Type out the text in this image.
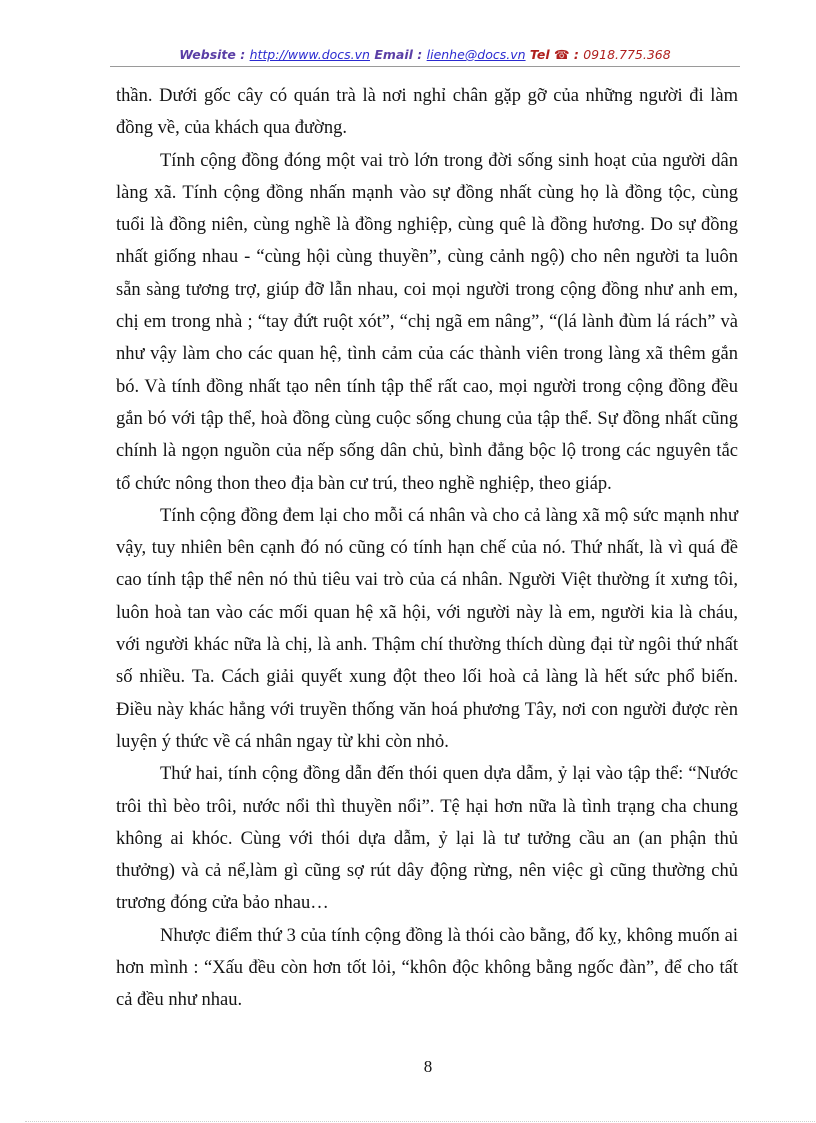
Website : http://www.docs.vn Email : lienhe@docs.vn Tel ☎ : 0918.775.368

thần. Dưới gốc cây có quán trà là nơi nghỉ chân gặp gỡ của những người đi làm đồng về, của khách qua đường.

Tính cộng đồng đóng một vai trò lớn trong đời sống sinh hoạt của người dân làng xã. Tính cộng đồng nhấn mạnh vào sự đồng nhất cùng họ là đồng tộc, cùng tuổi là đồng niên, cùng nghề là đồng nghiệp, cùng quê là đồng hương. Do sự đồng nhất giống nhau - “cùng hội cùng thuyền”, cùng cảnh ngộ) cho nên người ta luôn sẵn sàng tương trợ, giúp đỡ lẫn nhau, coi mọi người trong cộng đồng như anh em, chị em trong nhà ; “tay đứt ruột xót”, “chị ngã em nâng”, “(lá lành đùm lá rách” và như vậy làm cho các quan hệ, tình cảm của các thành viên trong làng xã thêm gắn bó. Và tính đồng nhất tạo nên tính tập thể rất cao, mọi người trong cộng đồng đều gắn bó với tập thể, hoà đồng cùng cuộc sống chung của tập thể. Sự đồng nhất cũng chính là ngọn nguồn của nếp sống dân chủ, bình đẳng bộc lộ trong các nguyên tắc tổ chức nông thon theo địa bàn cư trú, theo nghề nghiệp, theo giáp.

Tính cộng đồng đem lại cho mỗi cá nhân và cho cả làng xã mộ sức mạnh như vậy, tuy nhiên bên cạnh đó nó cũng có tính hạn chế của nó. Thứ nhất, là vì quá đề cao tính tập thể nên nó thủ tiêu vai trò của cá nhân. Người Việt thường ít xưng tôi, luôn hoà tan vào các mối quan hệ xã hội, với người này là em, người kia là cháu, với người khác nữa là chị, là anh. Thậm chí thường thích dùng đại từ ngôi thứ nhất số nhiều. Ta. Cách giải quyết xung đột theo lối hoà cả làng là hết sức phổ biến. Điều này khác hẳng với truyền thống văn hoá phương Tây, nơi con người được rèn luyện ý thức về cá nhân ngay từ khi còn nhỏ.

Thứ hai, tính cộng đồng dẫn đến thói quen dựa dẫm, ỷ lại vào tập thể: “Nước trôi thì bèo trôi, nước nổi thì thuyền nổi”. Tệ hại hơn nữa là tình trạng cha chung không ai khóc. Cùng với thói dựa dẫm, ỷ lại là tư tưởng cầu an (an phận thủ thưởng) và cả nể,làm gì cũng sợ rút dây động rừng, nên việc gì cũng thường chủ trương đóng cửa bảo nhau…

Nhược điểm thứ 3 của tính cộng đồng là thói cào bằng, đố kỵ, không muốn ai hơn mình : “Xấu đều còn hơn tốt lỏi, “khôn độc không bằng ngốc đàn”, để cho tất cả đều như nhau.

8
